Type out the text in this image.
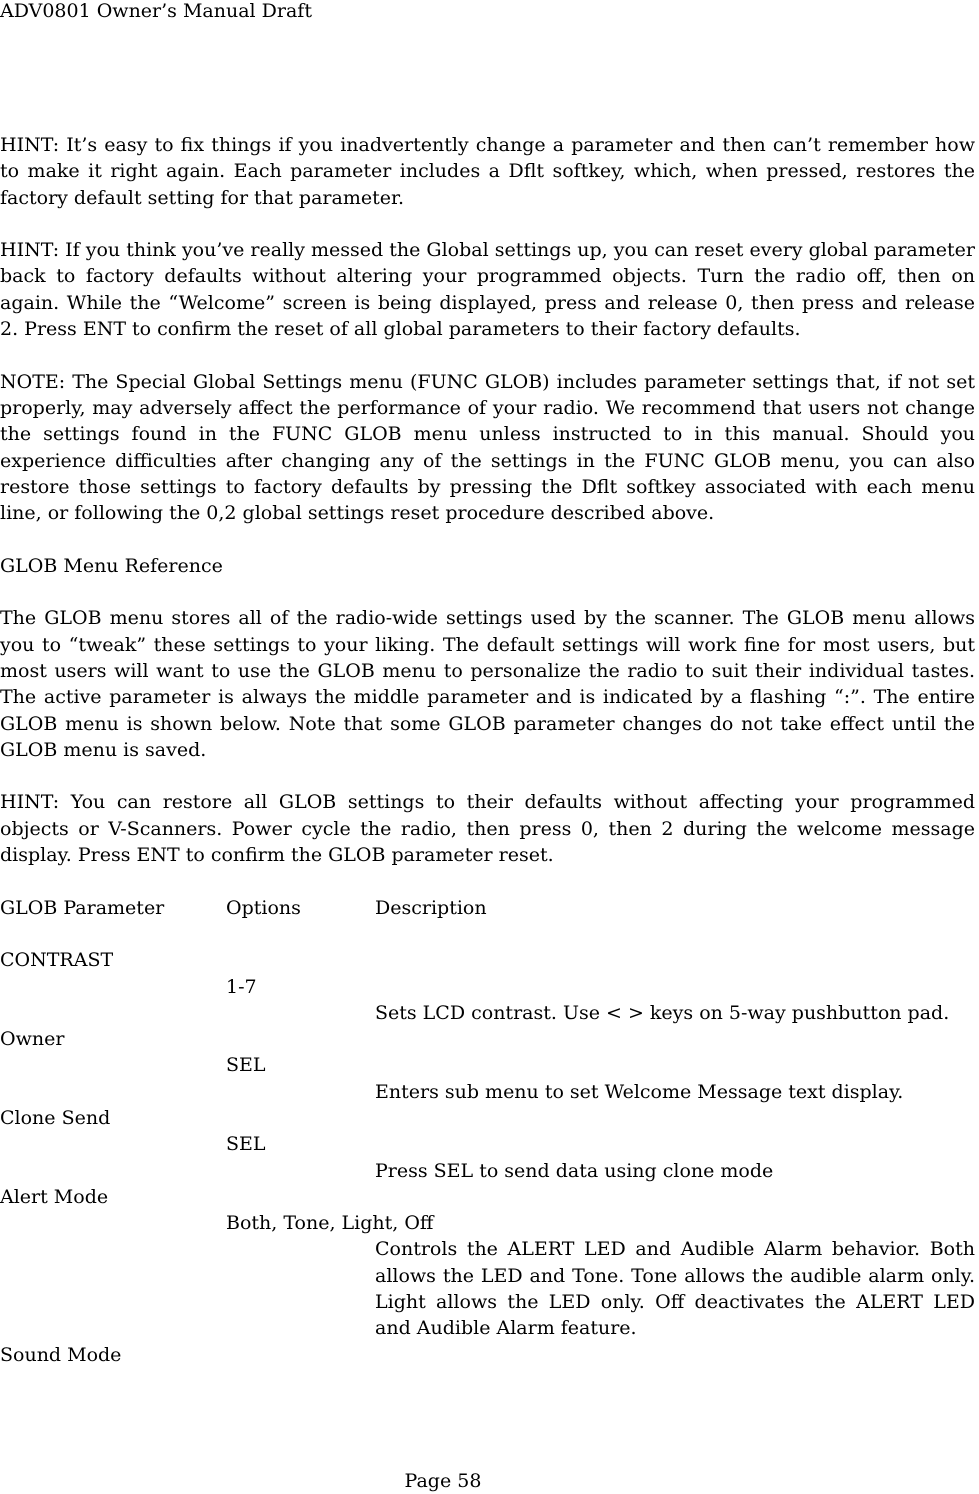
ADV0801 Owner’s Manual Draft

HINT: It’s easy to fix things if you inadvertently change a parameter and then can’t remember how to make it right again. Each parameter includes a Dflt softkey, which, when pressed, restores the factory default setting for that parameter.

HINT: If you think you’ve really messed the Global settings up, you can reset every global parameter back to factory defaults without altering your programmed objects. Turn the radio off, then on again. While the “Welcome” screen is being displayed, press and release 0, then press and release 2. Press ENT to confirm the reset of all global parameters to their factory defaults.

NOTE: The Special Global Settings menu (FUNC GLOB) includes parameter settings that, if not set properly, may adversely affect the performance of your radio. We recommend that users not change the settings found in the FUNC GLOB menu unless instructed to in this manual. Should you experience difficulties after changing any of the settings in the FUNC GLOB menu, you can also restore those settings to factory defaults by pressing the Dflt softkey associated with each menu line, or following the 0,2 global settings reset procedure described above.

GLOB Menu Reference

The GLOB menu stores all of the radio-wide settings used by the scanner. The GLOB menu allows you to “tweak” these settings to your liking. The default settings will work fine for most users, but most users will want to use the GLOB menu to personalize the radio to suit their individual tastes. The active parameter is always the middle parameter and is indicated by a flashing “:”. The entire GLOB menu is shown below. Note that some GLOB parameter changes do not take effect until the GLOB menu is saved.

HINT: You can restore all GLOB settings to their defaults without affecting your programmed objects or V-Scanners. Power cycle the radio, then press 0, then 2 during the welcome message display. Press ENT to confirm the GLOB parameter reset.

GLOB Parameter	Options	Description
CONTRAST
1-7
Sets LCD contrast. Use < > keys on 5-way pushbutton pad.
Owner
SEL
Enters sub menu to set Welcome Message text display.
Clone Send
SEL
Press SEL to send data using clone mode
Alert Mode
Both, Tone, Light, Off
Controls the ALERT LED and Audible Alarm behavior. Both allows the LED and Tone. Tone allows the audible alarm only. Light allows the LED only. Off deactivates the ALERT LED and Audible Alarm feature.
Sound Mode
Page 58
